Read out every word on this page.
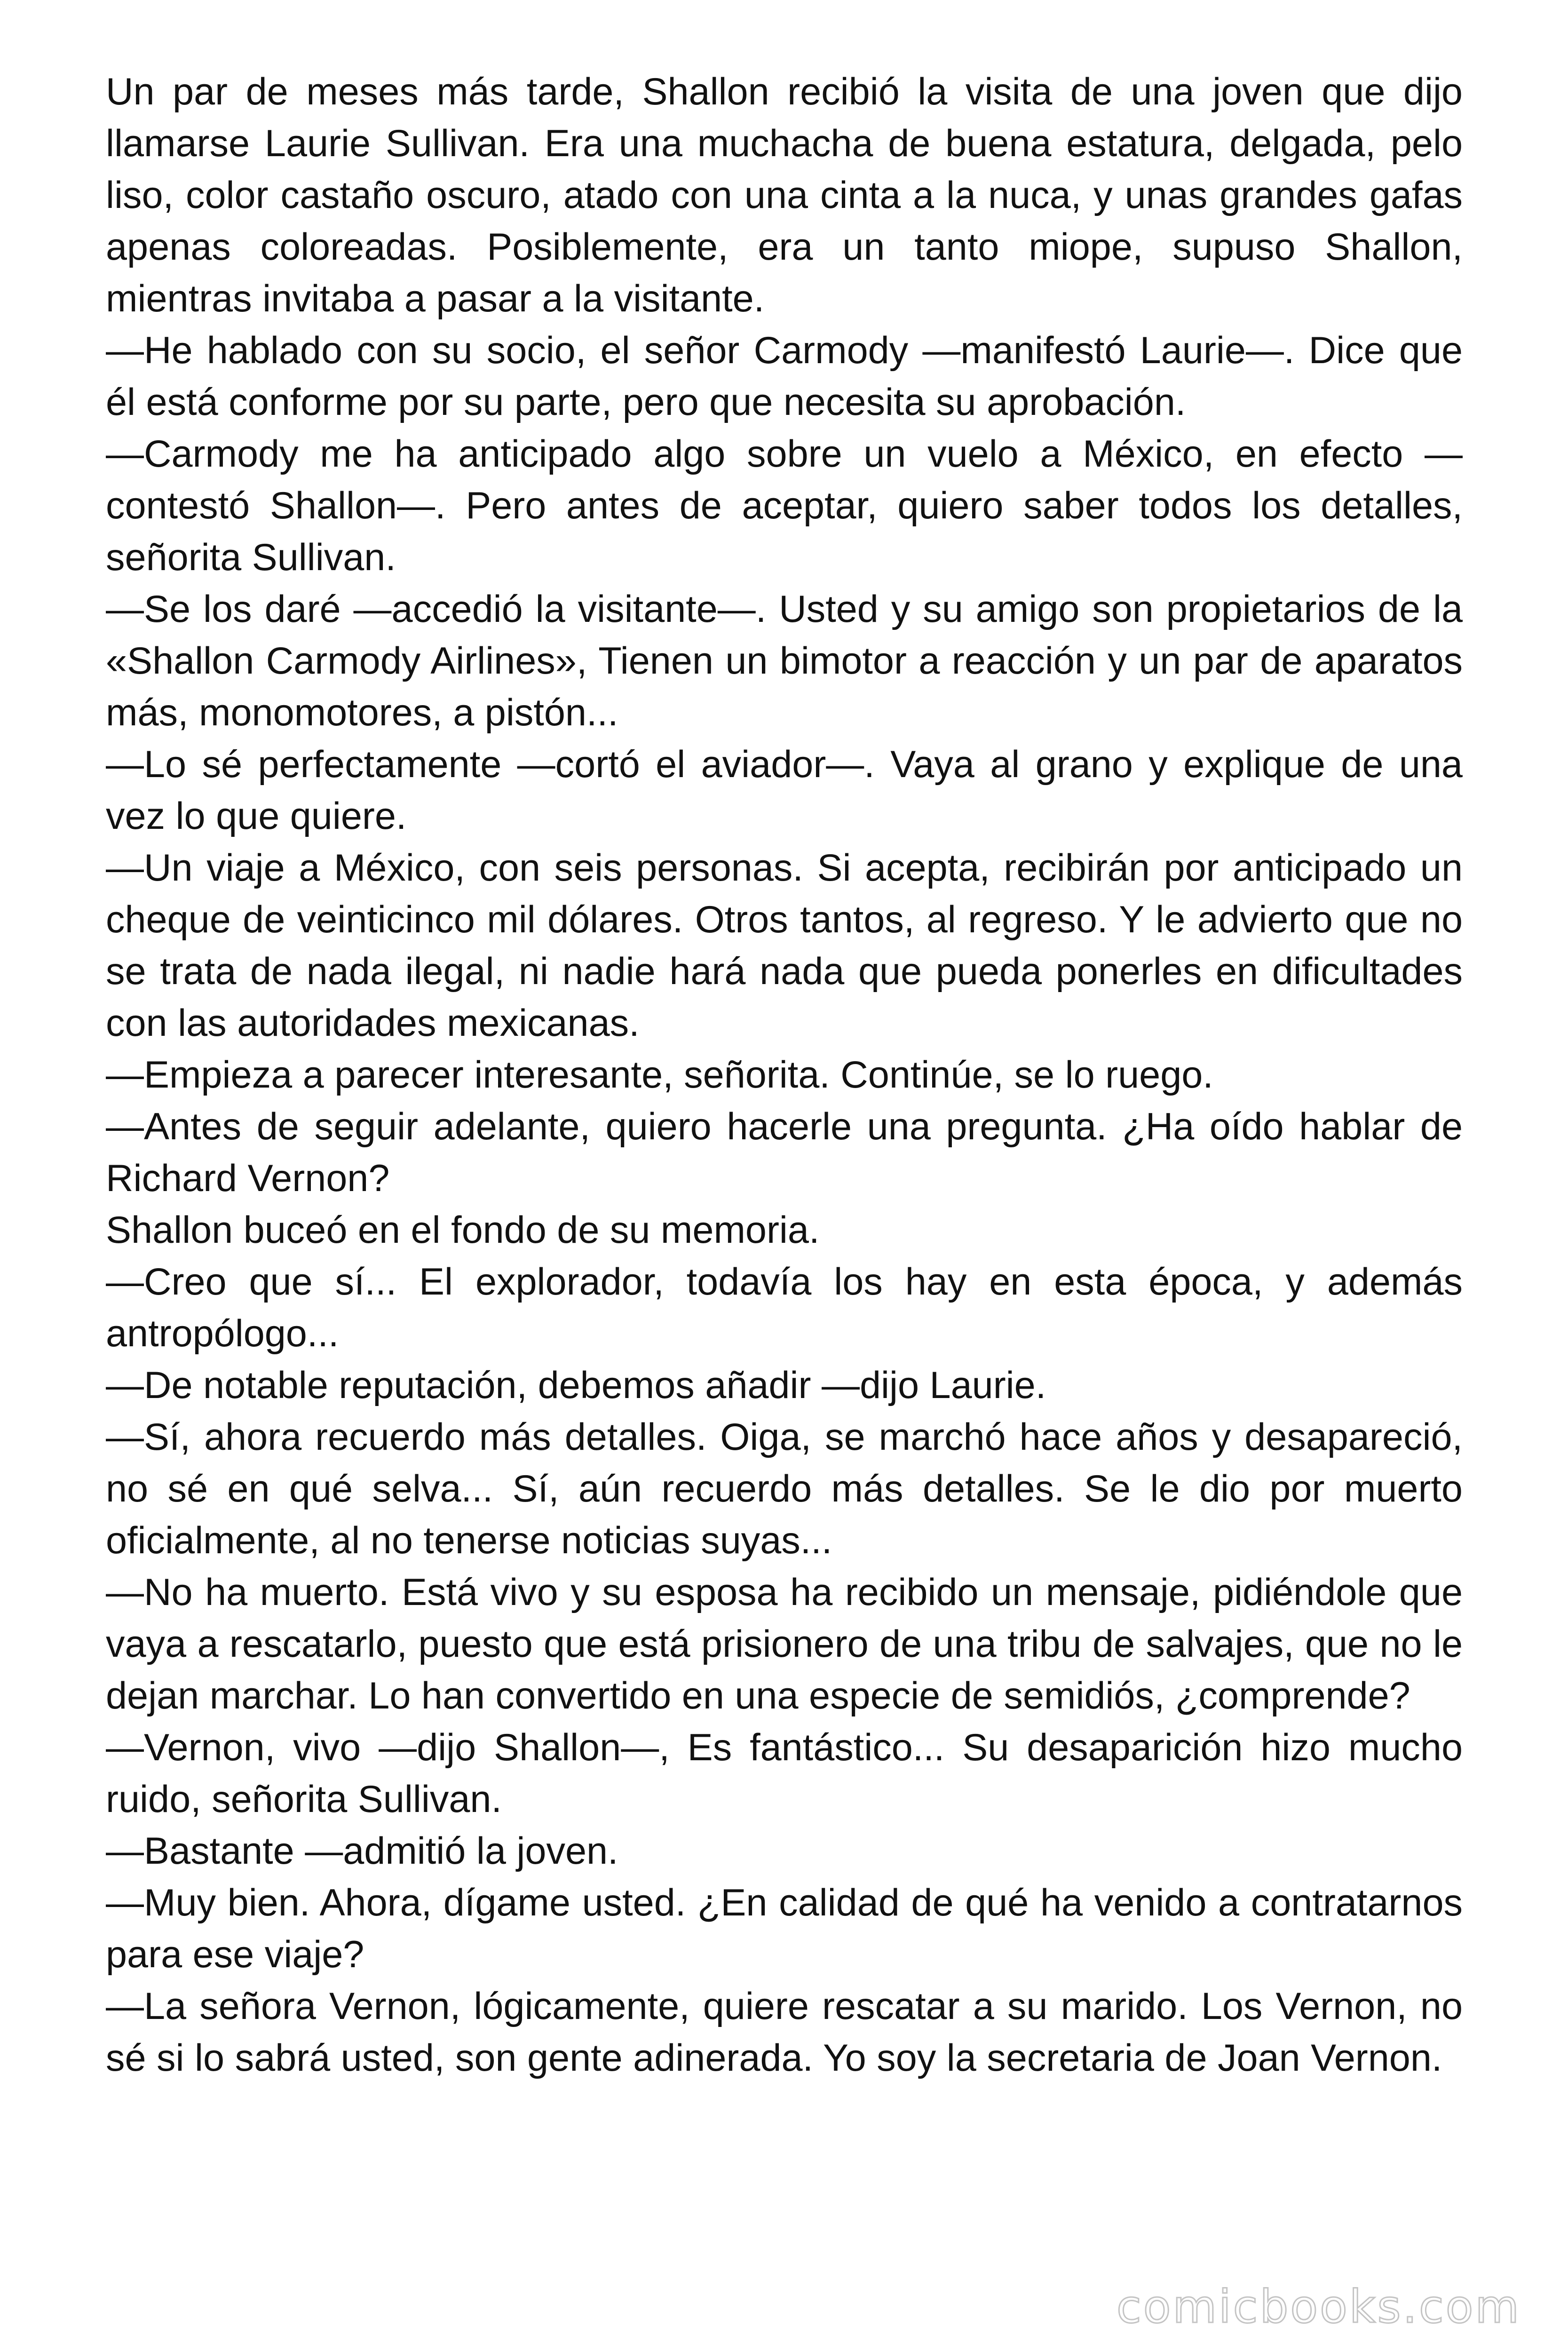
Un par de meses más tarde, Shallon recibió la visita de una joven que dijo llamarse Laurie Sullivan. Era una muchacha de buena estatura, delgada, pelo liso, color castaño oscuro, atado con una cinta a la nuca, y unas grandes gafas apenas coloreadas. Posiblemente, era un tanto miope, supuso Shallon, mientras invitaba a pasar a la visitante.

—He hablado con su socio, el señor Carmody —manifestó Laurie—. Dice que él está conforme por su parte, pero que necesita su aprobación.

—Carmody me ha anticipado algo sobre un vuelo a México, en efecto —contestó Shallon—. Pero antes de aceptar, quiero saber todos los detalles, señorita Sullivan.

—Se los daré —accedió la visitante—. Usted y su amigo son propietarios de la «Shallon Carmody Airlines», Tienen un bimotor a reacción y un par de aparatos más, monomotores, a pistón...

—Lo sé perfectamente —cortó el aviador—. Vaya al grano y explique de una vez lo que quiere.

—Un viaje a México, con seis personas. Si acepta, recibirán por anticipado un cheque de veinticinco mil dólares. Otros tantos, al regreso. Y le advierto que no se trata de nada ilegal, ni nadie hará nada que pueda ponerles en dificultades con las autoridades mexicanas.

—Empieza a parecer interesante, señorita. Continúe, se lo ruego.

—Antes de seguir adelante, quiero hacerle una pregunta. ¿Ha oído hablar de Richard Vernon?

Shallon buceó en el fondo de su memoria.

—Creo que sí... El explorador, todavía los hay en esta época, y además antropólogo...

—De notable reputación, debemos añadir —dijo Laurie.

—Sí, ahora recuerdo más detalles. Oiga, se marchó hace años y desapareció, no sé en qué selva... Sí, aún recuerdo más detalles. Se le dio por muerto oficialmente, al no tenerse noticias suyas...

—No ha muerto. Está vivo y su esposa ha recibido un mensaje, pidiéndole que vaya a rescatarlo, puesto que está prisionero de una tribu de salvajes, que no le dejan marchar. Lo han convertido en una especie de semidiós, ¿comprende?

—Vernon, vivo —dijo Shallon—, Es fantástico... Su desaparición hizo mucho ruido, señorita Sullivan.

—Bastante —admitió la joven.

—Muy bien. Ahora, dígame usted. ¿En calidad de qué ha venido a contratarnos para ese viaje?

—La señora Vernon, lógicamente, quiere rescatar a su marido. Los Vernon, no sé si lo sabrá usted, son gente adinerada. Yo soy la secretaria de Joan Vernon.

comicbooks.com
